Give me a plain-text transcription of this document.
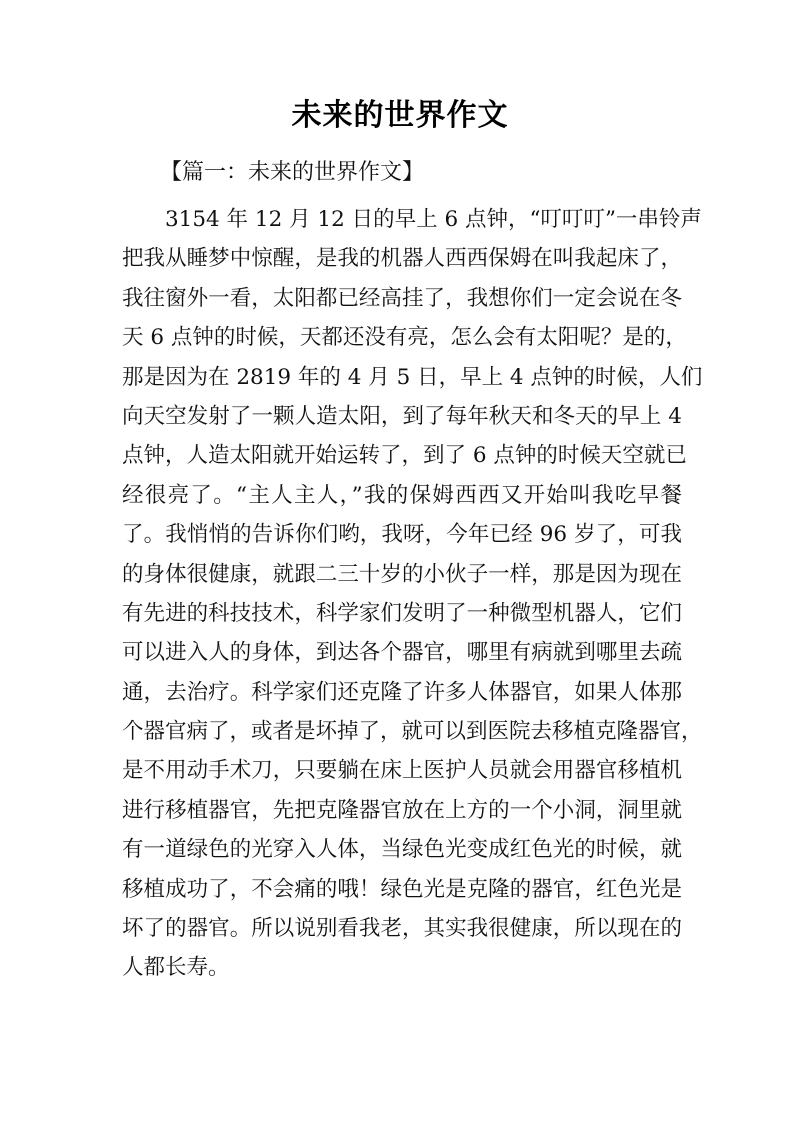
未来的世界作文
【篇一：未来的世界作文】
3154 年 12 月 12 日的早上 6 点钟，“叮叮叮”一串铃声
把我从睡梦中惊醒，是我的机器人西西保姆在叫我起床了，
我往窗外一看，太阳都已经高挂了，我想你们一定会说在冬
天 6 点钟的时候，天都还没有亮，怎么会有太阳呢？是的，
那是因为在 2819 年的 4 月 5 日，早上 4 点钟的时候，人们
向天空发射了一颗人造太阳，到了每年秋天和冬天的早上 4
点钟，人造太阳就开始运转了，到了 6 点钟的时候天空就已
经很亮了。“主人主人，”我的保姆西西又开始叫我吃早餐
了。我悄悄的告诉你们哟，我呀，今年已经 96 岁了，可我
的身体很健康，就跟二三十岁的小伙子一样，那是因为现在
有先进的科技技术，科学家们发明了一种微型机器人，它们
可以进入人的身体，到达各个器官，哪里有病就到哪里去疏
通，去治疗。科学家们还克隆了许多人体器官，如果人体那
个器官病了，或者是坏掉了，就可以到医院去移植克隆器官，
是不用动手术刀，只要躺在床上医护人员就会用器官移植机
进行移植器官，先把克隆器官放在上方的一个小洞，洞里就
有一道绿色的光穿入人体，当绿色光变成红色光的时候，就
移植成功了，不会痛的哦！绿色光是克隆的器官，红色光是
坏了的器官。所以说别看我老，其实我很健康，所以现在的
人都长寿。
